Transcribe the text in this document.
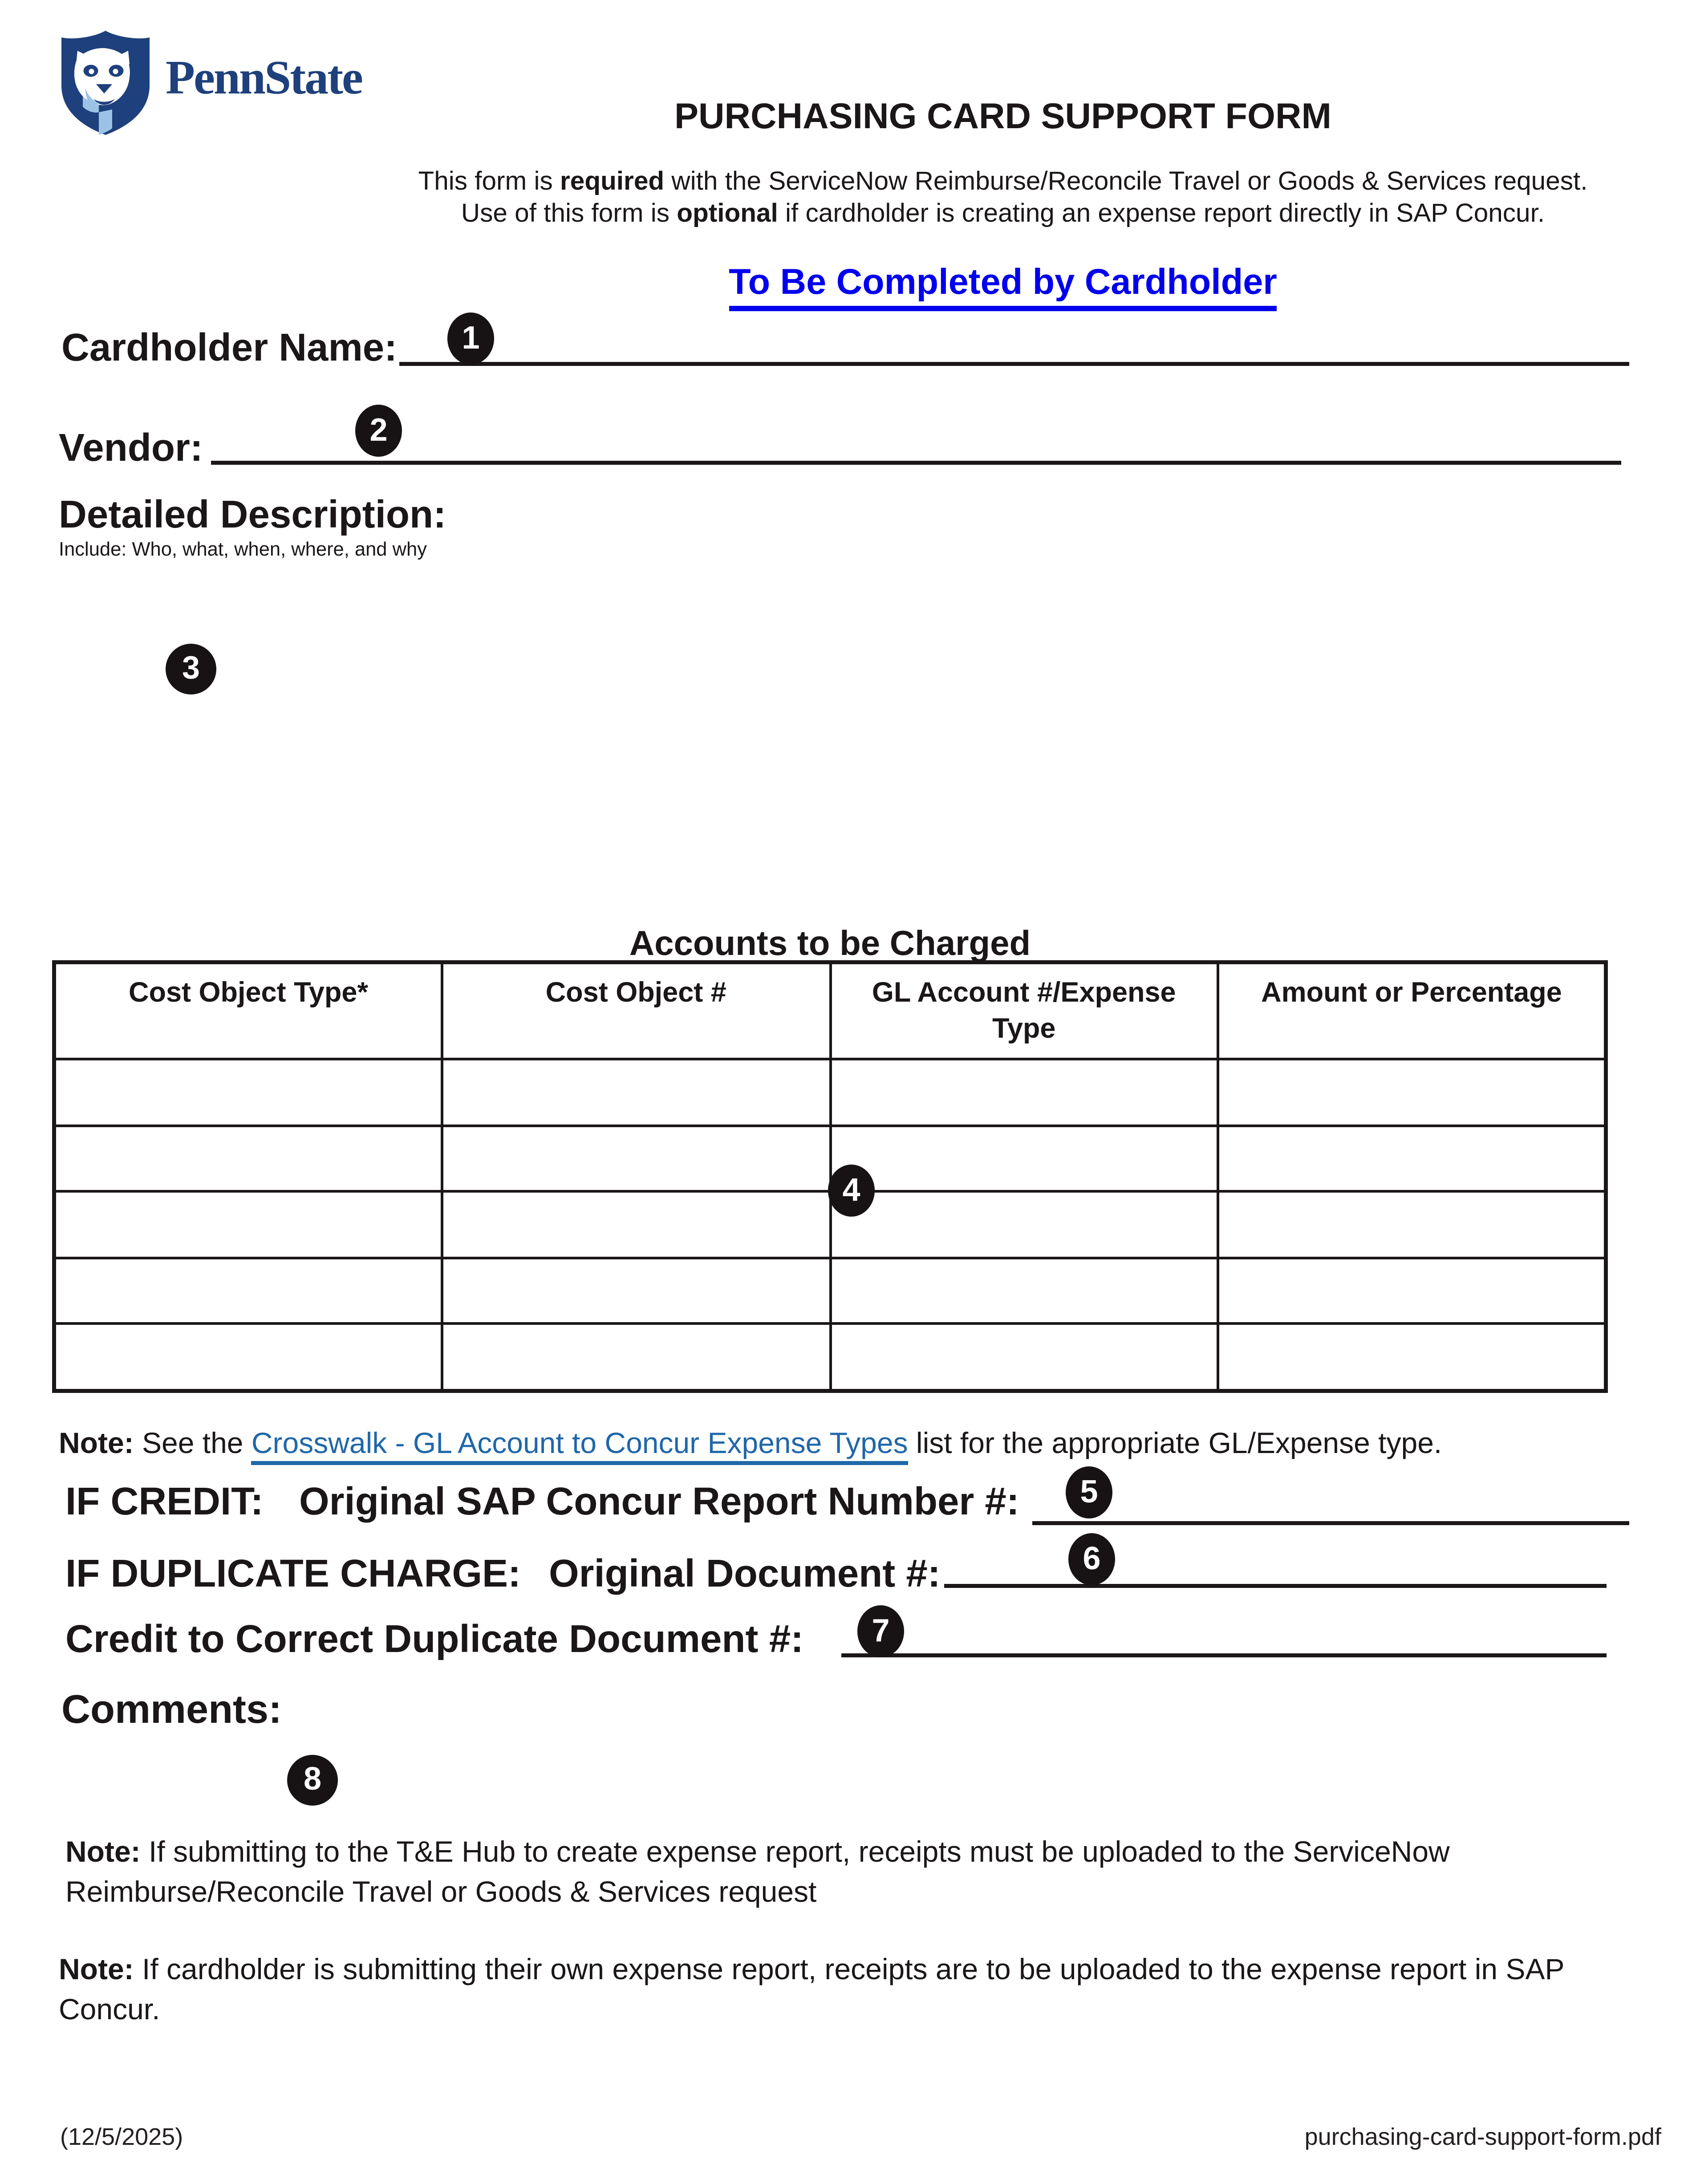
PennState
PURCHASING CARD SUPPORT FORM
This form is required with the ServiceNow Reimburse/Reconcile Travel or Goods & Services request.
Use of this form is optional if cardholder is creating an expense report directly in SAP Concur.
To Be Completed by Cardholder
Cardholder Name:	1
Vendor:	2
Detailed Description:
Include: Who, what, when, where, and why
3
Accounts to be Charged
Cost Object Type*	Cost Object #	GL Account #/Expense Type	Amount or Percentage

4
Note: See the Crosswalk - GL Account to Concur Expense Types list for the appropriate GL/Expense type.
IF CREDIT:	Original SAP Concur Report Number #:	5
IF DUPLICATE CHARGE: Original Document #:	6
Credit to Correct Duplicate Document #:	7
Comments:
8
Note: If submitting to the T&E Hub to create expense report, receipts must be uploaded to the ServiceNow Reimburse/Reconcile Travel or Goods & Services request
Note: If cardholder is submitting their own expense report, receipts are to be uploaded to the expense report in SAP Concur.
(12/5/2025)	purchasing-card-support-form.pdf
